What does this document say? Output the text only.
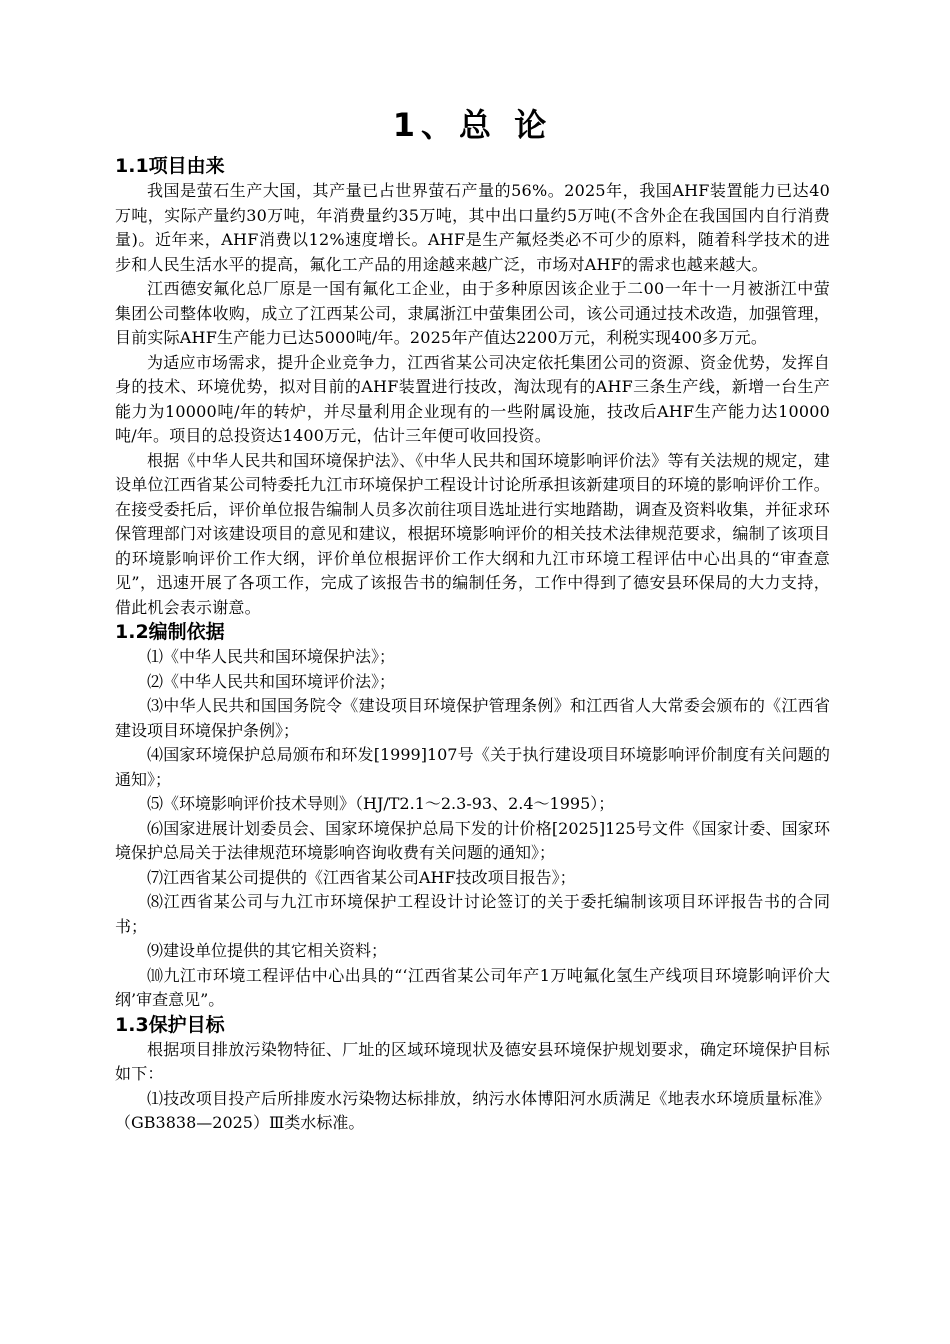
1、总 论
1.1项目由来

我国是萤石生产大国，其产量已占世界萤石产量的56%。2025年，我国AHF装置能力已达40万吨，实际产量约30万吨，年消费量约35万吨，其中出口量约5万吨(不含外企在我国国内自行消费量)。近年来，AHF消费以12%速度增长。AHF是生产氟烃类必不可少的原料，随着科学技术的进步和人民生活水平的提高，氟化工产品的用途越来越广泛，市场对AHF的需求也越来越大。

江西德安氟化总厂原是一国有氟化工企业，由于多种原因该企业于二00一年十一月被浙江中萤集团公司整体收购，成立了江西某公司，隶属浙江中萤集团公司，该公司通过技术改造，加强管理，目前实际AHF生产能力已达5000吨/年。2025年产值达2200万元，利税实现400多万元。

为适应市场需求，提升企业竞争力，江西省某公司决定依托集团公司的资源、资金优势，发挥自身的技术、环境优势，拟对目前的AHF装置进行技改，淘汰现有的AHF三条生产线，新增一台生产能力为10000吨/年的转炉，并尽量利用企业现有的一些附属设施，技改后AHF生产能力达10000吨/年。项目的总投资达1400万元，估计三年便可收回投资。

根据《中华人民共和国环境保护法》、《中华人民共和国环境影响评价法》等有关法规的规定，建设单位江西省某公司特委托九江市环境保护工程设计讨论所承担该新建项目的环境的影响评价工作。在接受委托后，评价单位报告编制人员多次前往项目选址进行实地踏勘，调查及资料收集，并征求环保管理部门对该建设项目的意见和建议，根据环境影响评价的相关技术法律规范要求，编制了该项目的环境影响评价工作大纲，评价单位根据评价工作大纲和九江市环境工程评估中心出具的“审查意见”，迅速开展了各项工作，完成了该报告书的编制任务，工作中得到了德安县环保局的大力支持，借此机会表示谢意。

1.2编制依据

⑴《中华人民共和国环境保护法》；

⑵《中华人民共和国环境评价法》；

⑶中华人民共和国国务院令《建设项目环境保护管理条例》和江西省人大常委会颁布的《江西省建设项目环境保护条例》；

⑷国家环境保护总局颁布和环发[1999]107号《关于执行建设项目环境影响评价制度有关问题的通知》；

⑸《环境影响评价技术导则》（HJ/T2.1～2.3-93、2.4～1995）；

⑹国家进展计划委员会、国家环境保护总局下发的计价格[2025]125号文件《国家计委、国家环境保护总局关于法律规范环境影响咨询收费有关问题的通知》；

⑺江西省某公司提供的《江西省某公司AHF技改项目报告》；

⑻江西省某公司与九江市环境保护工程设计讨论签订的关于委托编制该项目环评报告书的合同书；

⑼建设单位提供的其它相关资料；

⑽九江市环境工程评估中心出具的“‘江西省某公司年产1万吨氟化氢生产线项目环境影响评价大纲’审查意见”。

1.3保护目标

根据项目排放污染物特征、厂址的区域环境现状及德安县环境保护规划要求，确定环境保护目标如下：

⑴技改项目投产后所排废水污染物达标排放，纳污水体博阳河水质满足《地表水环境质量标准》（GB3838—2025）Ⅲ类水标准。
